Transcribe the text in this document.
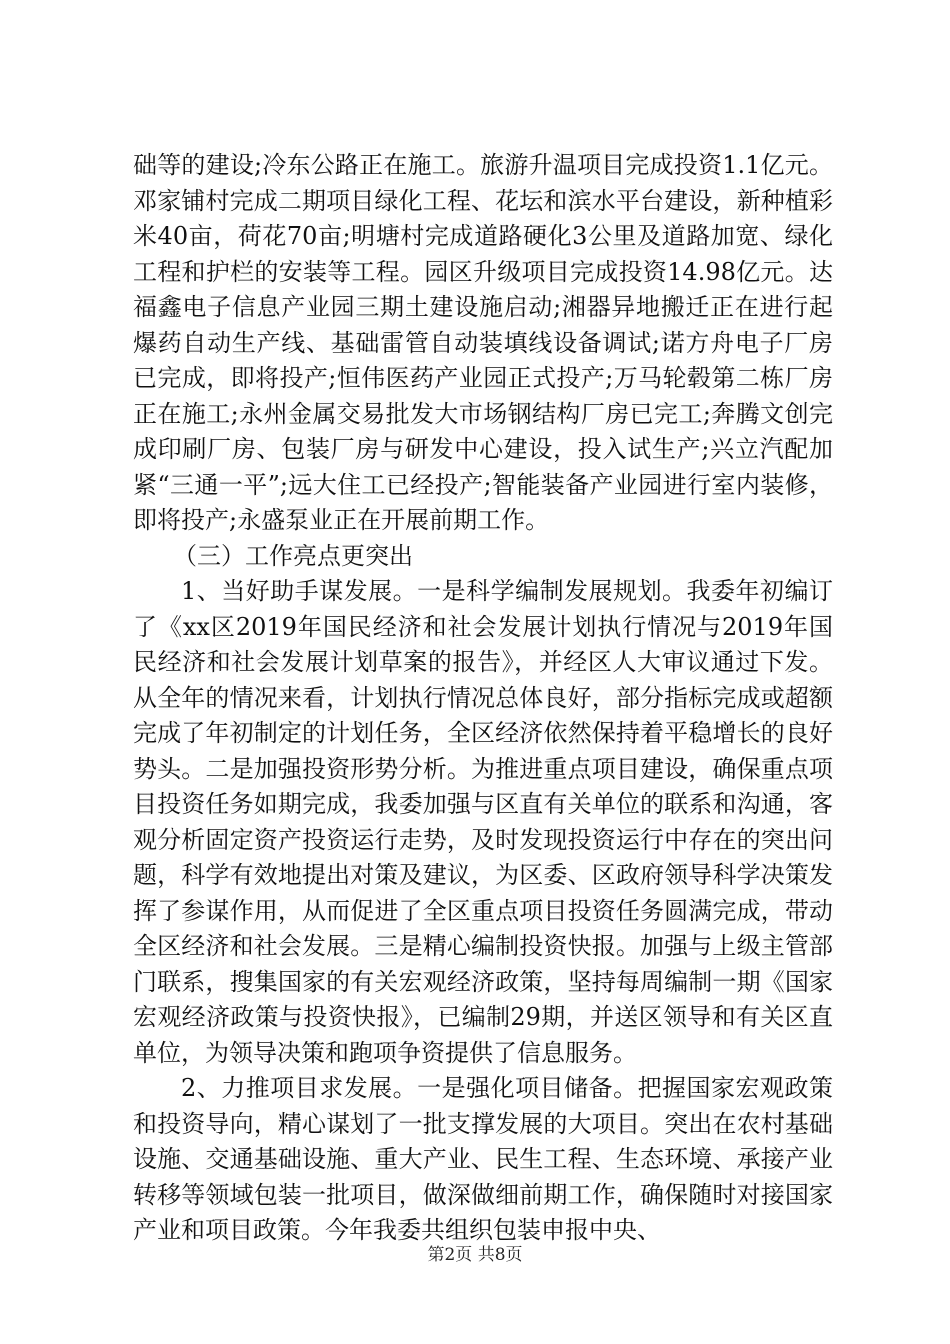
础等的建设;冷东公路正在施工。旅游升温项目完成投资1.1亿元。邓家铺村完成二期项目绿化工程、花坛和滨水平台建设，新种植彩米40亩，荷花70亩;明塘村完成道路硬化3公里及道路加宽、绿化工程和护栏的安装等工程。园区升级项目完成投资14.98亿元。达福鑫电子信息产业园三期土建设施启动;湘器异地搬迁正在进行起爆药自动生产线、基础雷管自动装填线设备调试;诺方舟电子厂房已完成，即将投产;恒伟医药产业园正式投产;万马轮毂第二栋厂房正在施工;永州金属交易批发大市场钢结构厂房已完工;奔腾文创完成印刷厂房、包装厂房与研发中心建设，投入试生产;兴立汽配加紧“三通一平”;远大住工已经投产;智能装备产业园进行室内装修，即将投产;永盛泵业正在开展前期工作。

（三）工作亮点更突出

1、当好助手谋发展。一是科学编制发展规划。我委年初编订了《xx区2019年国民经济和社会发展计划执行情况与2019年国民经济和社会发展计划草案的报告》，并经区人大审议通过下发。从全年的情况来看，计划执行情况总体良好，部分指标完成或超额完成了年初制定的计划任务，全区经济依然保持着平稳增长的良好势头。二是加强投资形势分析。为推进重点项目建设，确保重点项目投资任务如期完成，我委加强与区直有关单位的联系和沟通，客观分析固定资产投资运行走势，及时发现投资运行中存在的突出问题，科学有效地提出对策及建议，为区委、区政府领导科学决策发挥了参谋作用，从而促进了全区重点项目投资任务圆满完成，带动全区经济和社会发展。三是精心编制投资快报。加强与上级主管部门联系，搜集国家的有关宏观经济政策，坚持每周编制一期《国家宏观经济政策与投资快报》，已编制29期，并送区领导和有关区直单位，为领导决策和跑项争资提供了信息服务。

2、力推项目求发展。一是强化项目储备。把握国家宏观政策和投资导向，精心谋划了一批支撑发展的大项目。突出在农村基础设施、交通基础设施、重大产业、民生工程、生态环境、承接产业转移等领域包装一批项目，做深做细前期工作，确保随时对接国家产业和项目政策。今年我委共组织包装申报中央、

第2页 共8页
